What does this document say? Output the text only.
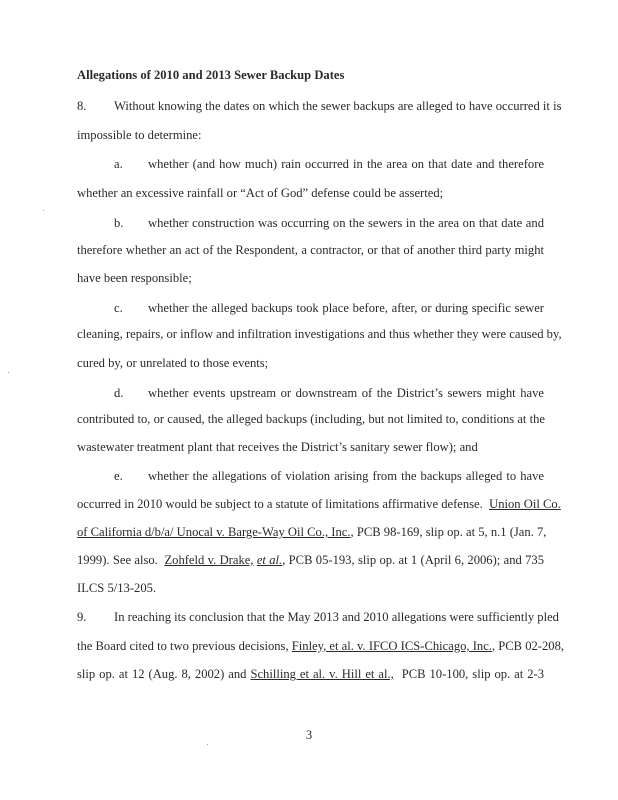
Allegations of 2010 and 2013 Sewer Backup Dates
8. Without knowing the dates on which the sewer backups are alleged to have occurred it is
impossible to determine:
a. whether (and how much) rain occurred in the area on that date and therefore
whether an excessive rainfall or “Act of God” defense could be asserted;
b. whether construction was occurring on the sewers in the area on that date and
therefore whether an act of the Respondent, a contractor, or that of another third party might
have been responsible;
c. whether the alleged backups took place before, after, or during specific sewer
cleaning, repairs, or inflow and infiltration investigations and thus whether they were caused by,
cured by, or unrelated to those events;
d. whether events upstream or downstream of the District’s sewers might have
contributed to, or caused, the alleged backups (including, but not limited to, conditions at the
wastewater treatment plant that receives the District’s sanitary sewer flow); and
e. whether the allegations of violation arising from the backups alleged to have
occurred in 2010 would be subject to a statute of limitations affirmative defense. Union Oil Co.
of California d/b/a/ Unocal v. Barge-Way Oil Co., Inc., PCB 98-169, slip op. at 5, n.1 (Jan. 7,
1999). See also. Zohfeld v. Drake, et al., PCB 05-193, slip op. at 1 (April 6, 2006); and 735
ILCS 5/13-205.
9. In reaching its conclusion that the May 2013 and 2010 allegations were sufficiently pled
the Board cited to two previous decisions, Finley, et al. v. IFCO ICS-Chicago, Inc., PCB 02-208,
slip op. at 12 (Aug. 8, 2002) and Schilling et al. v. Hill et al., PCB 10-100, slip op. at 2-3
3
